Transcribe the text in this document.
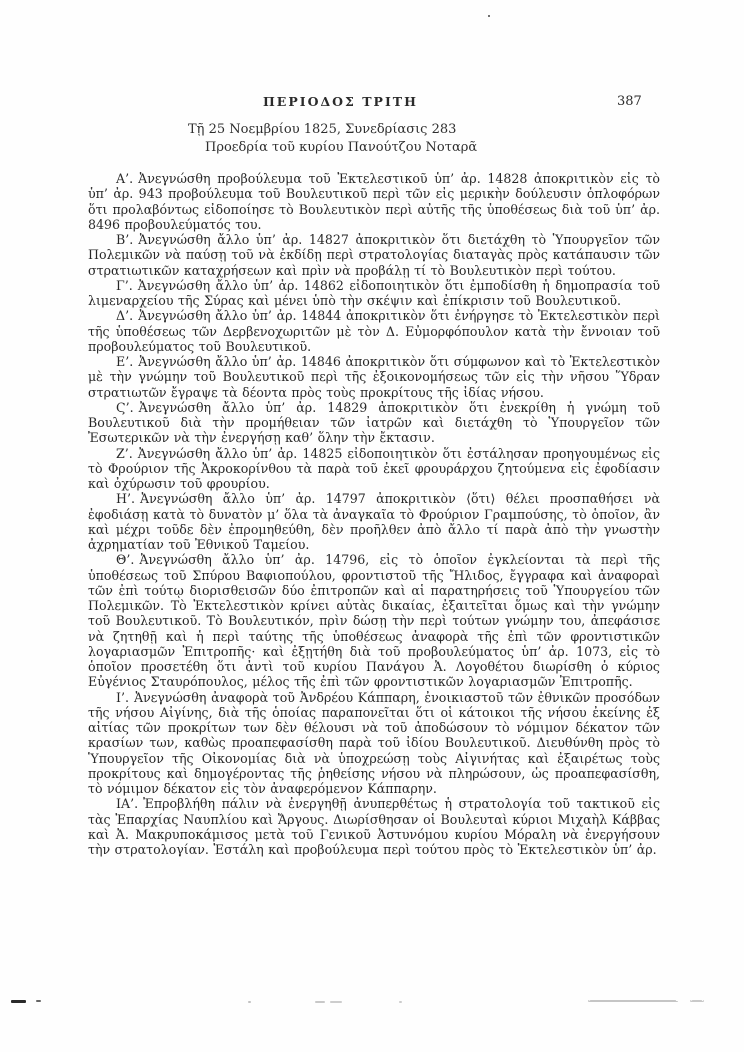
ΠΕΡΙΟΔΟΣ ΤΡΙΤΗ	387
Τῇ 25 Νοεμβρίου 1825, Συνεδρίασις 283
Προεδρία τοῦ κυρίου Πανούτζου Νοταρᾶ

Α’. Ἀνεγνώσθη προβούλευμα τοῦ Ἐκτελεστικοῦ ὑπ’ ἀρ. 14828 ἀποκριτικὸν εἰς τὸ ὑπ’ ἀρ. 943 προβούλευμα τοῦ Βουλευτικοῦ περὶ τῶν εἰς μερικὴν δούλευσιν ὁπλοφόρων ὅτι προλαβόντως εἰδοποίησε τὸ Βουλευτικὸν περὶ αὐτῆς τῆς ὑποθέσεως διὰ τοῦ ὑπ’ ἀρ. 8496 προβουλεύματός του.

Β’. Ἀνεγνώσθη ἄλλο ὑπ’ ἀρ. 14827 ἀποκριτικὸν ὅτι διετάχθη τὸ Ὑπουργεῖον τῶν Πολεμικῶν νὰ παύσῃ τοῦ νὰ ἐκδίδῃ περὶ στρατολογίας διαταγὰς πρὸς κατάπαυσιν τῶν στρατιωτικῶν καταχρήσεων καὶ πρὶν νὰ προβάλῃ τί τὸ Βουλευτικὸν περὶ τούτου.

Γ’. Ἀνεγνώσθη ἄλλο ὑπ’ ἀρ. 14862 εἰδοποιητικὸν ὅτι ἐμποδίσθη ἡ δημοπρασία τοῦ λιμεναρχείου τῆς Σύρας καὶ μένει ὑπὸ τὴν σκέψιν καὶ ἐπίκρισιν τοῦ Βουλευτικοῦ.

Δ’. Ἀνεγνώσθη ἄλλο ὑπ’ ἀρ. 14844 ἀποκριτικὸν ὅτι ἐνήργησε τὸ Ἐκτελεστικὸν περὶ τῆς ὑποθέσεως τῶν Δερβενοχωριτῶν μὲ τὸν Δ. Εὐμορφόπουλον κατὰ τὴν ἔννοιαν τοῦ προβουλεύματος τοῦ Βουλευτικοῦ.

Ε’. Ἀνεγνώσθη ἄλλο ὑπ’ ἀρ. 14846 ἀποκριτικὸν ὅτι σύμφωνον καὶ τὸ Ἐκτελεστικὸν μὲ τὴν γνώμην τοῦ Βουλευτικοῦ περὶ τῆς ἐξοικονομήσεως τῶν εἰς τὴν νῆσου Ὕδραν στρατιωτῶν ἔγραψε τὰ δέοντα πρὸς τοὺς προκρίτους τῆς ἰδίας νήσου.

Ϛ’. Ἀνεγνώσθη ἄλλο ὑπ’ ἀρ. 14829 ἀποκριτικὸν ὅτι ἐνεκρίθη ἡ γνώμη τοῦ Βουλευτικοῦ διὰ τὴν προμήθειαν τῶν ἰατρῶν καὶ διετάχθη τὸ Ὑπουργεῖον τῶν Ἐσωτερικῶν νὰ τὴν ἐνεργήσῃ καθ’ ὅλην τὴν ἔκτασιν.

Ζ’. Ἀνεγνώσθη ἄλλο ὑπ’ ἀρ. 14825 εἰδοποιητικὸν ὅτι ἐστάλησαν προηγουμένως εἰς τὸ Φρούριον τῆς Ἀκροκορίνθου τὰ παρὰ τοῦ ἐκεῖ φρουράρχου ζητούμενα εἰς ἐφοδίασιν καὶ ὀχύρωσιν τοῦ φρουρίου.

Η’. Ἀνεγνώσθη ἄλλο ὑπ’ ἀρ. 14797 ἀποκριτικὸν ⟨ὅτι⟩ θέλει προσπαθήσει νὰ ἐφοδιάσῃ κατὰ τὸ δυνατὸν μ’ ὅλα τὰ ἀναγκαῖα τὸ Φρούριον Γραμπούσης, τὸ ὁποῖον, ἂν καὶ μέχρι τοῦδε δὲν ἐπρομηθεύθη, δὲν προῆλθεν ἀπὸ ἄλλο τί παρὰ ἀπὸ τὴν γνωστὴν ἀχρηματίαν τοῦ Ἐθνικοῦ Ταμείου.

Θ’. Ἀνεγνώσθη ἄλλο ὑπ’ ἀρ. 14796, εἰς τὸ ὁποῖον ἐγκλείονται τὰ περὶ τῆς ὑποθέσεως τοῦ Σπύρου Βαφιοπούλου, φροντιστοῦ τῆς Ἤλιδος, ἔγγραφα καὶ ἀναφοραὶ τῶν ἐπὶ τούτῳ διορισθεισῶν δύο ἐπιτροπῶν καὶ αἱ παρατηρήσεις τοῦ Ὑπουργείου τῶν Πολεμικῶν. Τὸ Ἐκτελεστικὸν κρίνει αὐτὰς δικαίας, ἐξαιτεῖται ὅμως καὶ τὴν γνώμην τοῦ Βουλευτικοῦ. Τὸ Βουλευτικόν, πρὶν δώσῃ τὴν περὶ τούτων γνώμην του, ἀπεφάσισε νὰ ζητηθῇ καὶ ἡ περὶ ταύτης τῆς ὑποθέσεως ἀναφορὰ τῆς ἐπὶ τῶν φροντιστικῶν λογαριασμῶν Ἐπιτροπῆς· καὶ ἐξῃτήθη διὰ τοῦ προβουλεύματος ὑπ’ ἀρ. 1073, εἰς τὸ ὁποῖον προσετέθη ὅτι ἀντὶ τοῦ κυρίου Πανάγου Ἀ. Λογοθέτου διωρίσθη ὁ κύριος Εὐγένιος Σταυρόπουλος, μέλος τῆς ἐπὶ τῶν φροντιστικῶν λογαριασμῶν Ἐπιτροπῆς.

Ι’. Ἀνεγνώσθη ἀναφορὰ τοῦ Ἀνδρέου Κάππαρη, ἐνοικιαστοῦ τῶν ἐθνικῶν προσόδων τῆς νήσου Αἰγίνης, διὰ τῆς ὁποίας παραπονεῖται ὅτι οἱ κάτοικοι τῆς νήσου ἐκείνης ἐξ αἰτίας τῶν προκρίτων των δὲν θέλουσι νὰ τοῦ ἀποδώσουν τὸ νόμιμον δέκατον τῶν κρασίων των, καθὼς προαπεφασίσθη παρὰ τοῦ ἰδίου Βουλευτικοῦ. Διευθύνθη πρὸς τὸ Ὑπουργεῖον τῆς Οἰκονομίας διὰ νὰ ὑποχρεώσῃ τοὺς Αἰγινήτας καὶ ἐξαιρέτως τοὺς προκρίτους καὶ δημογέροντας τῆς ῥηθείσης νήσου νὰ πληρώσουν, ὡς προαπεφασίσθη, τὸ νόμιμον δέκατον εἰς τὸν ἀναφερόμενον Κάππαρην.

ΙΑ’. Ἐπροβλήθη πάλιν νὰ ἐνεργηθῇ ἀνυπερθέτως ἡ στρατολογία τοῦ τακτικοῦ εἰς τὰς Ἐπαρχίας Ναυπλίου καὶ Ἄργους. Διωρίσθησαν οἱ Βουλευταὶ κύριοι Μιχαὴλ Κάββας καὶ Ἀ. Μακρυποκάμισος μετὰ τοῦ Γενικοῦ Ἀστυνόμου κυρίου Μόραλη νὰ ἐνεργήσουν τὴν στρατολογίαν. Ἐστάλη καὶ προβούλευμα περὶ τούτου πρὸς τὸ Ἐκτελεστικὸν ὑπ’ ἀρ.
